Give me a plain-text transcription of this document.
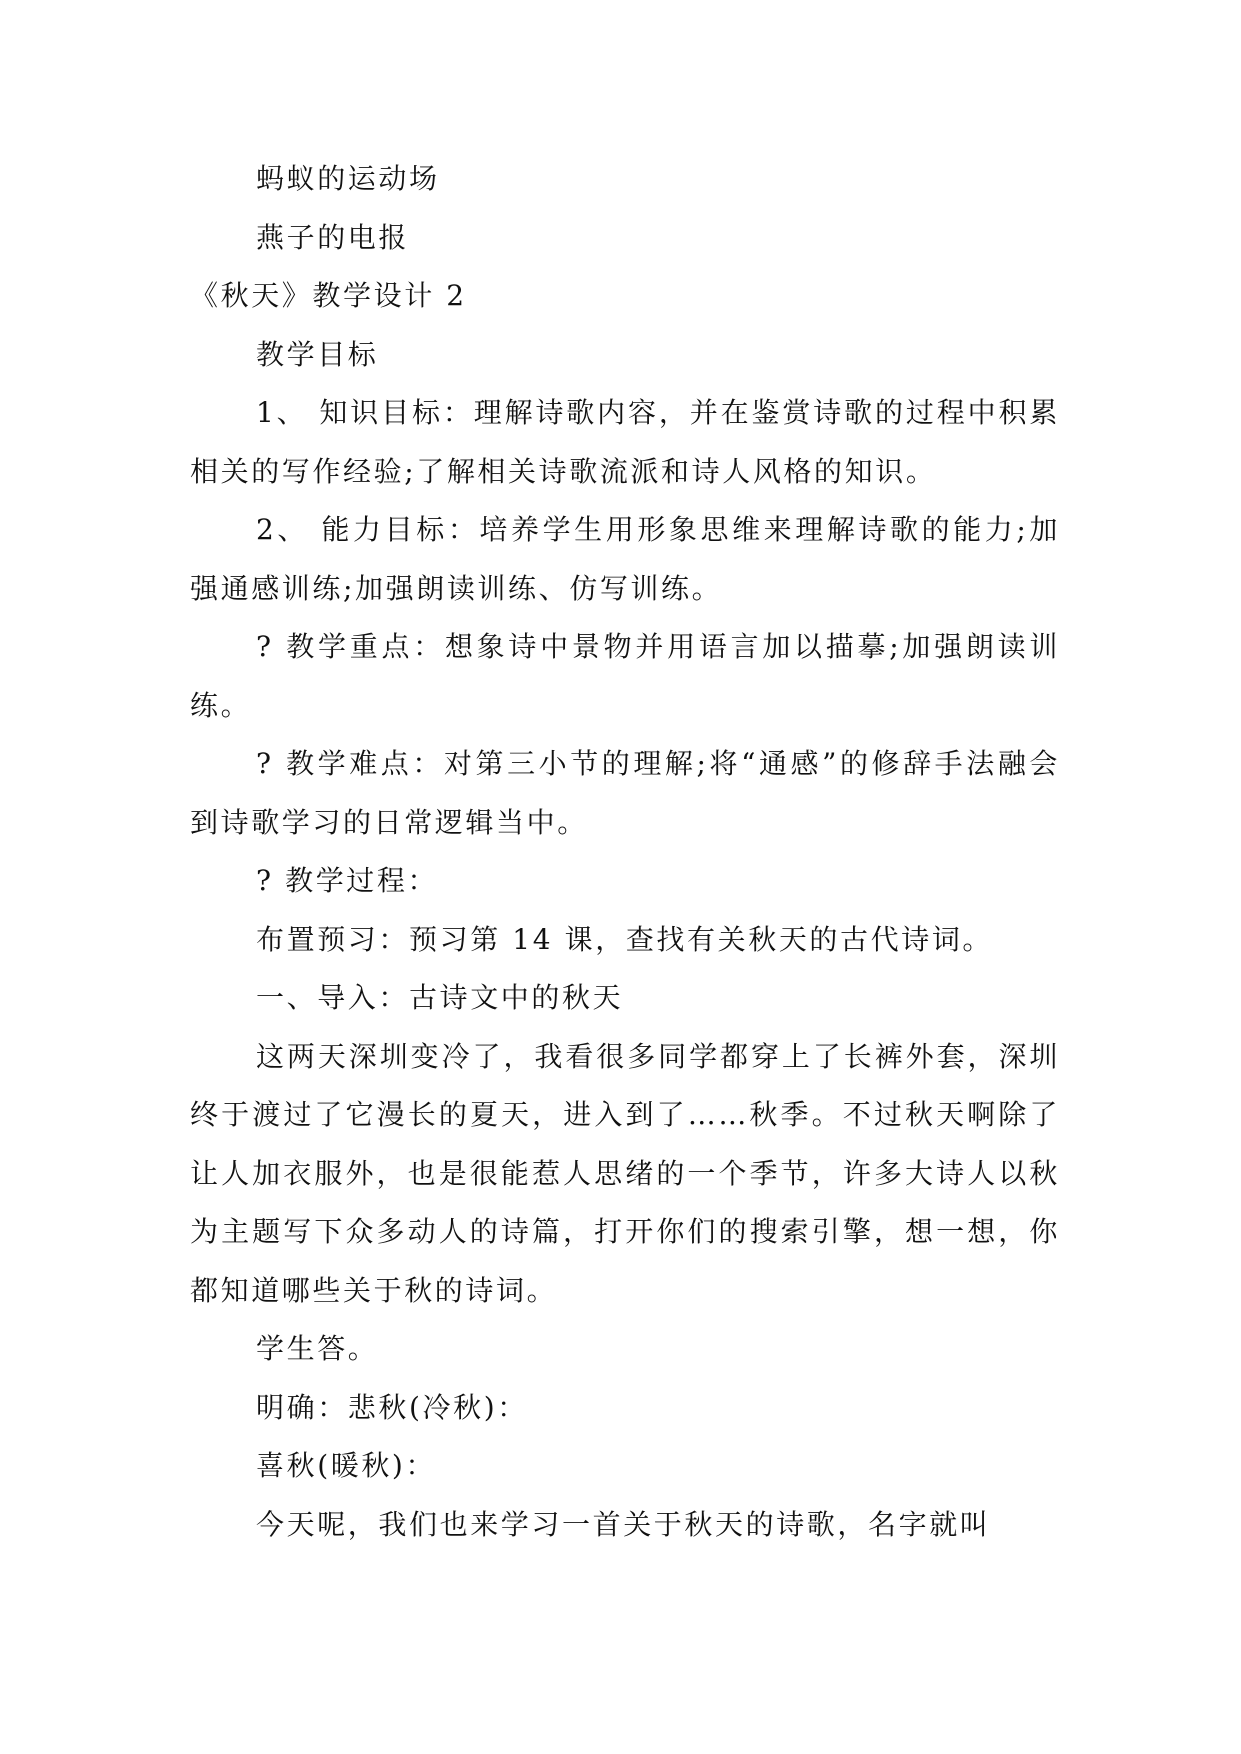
蚂蚁的运动场

燕子的电报

《秋天》教学设计 2

教学目标

1、 知识目标：理解诗歌内容，并在鉴赏诗歌的过程中积累相关的写作经验;了解相关诗歌流派和诗人风格的知识。

2、 能力目标：培养学生用形象思维来理解诗歌的能力;加强通感训练;加强朗读训练、仿写训练。

? 教学重点：想象诗中景物并用语言加以描摹;加强朗读训练。

? 教学难点：对第三小节的理解;将“通感”的修辞手法融会到诗歌学习的日常逻辑当中。

? 教学过程：

布置预习：预习第 14 课，查找有关秋天的古代诗词。

一、导入：古诗文中的秋天

这两天深圳变冷了，我看很多同学都穿上了长裤外套，深圳终于渡过了它漫长的夏天，进入到了……秋季。不过秋天啊除了让人加衣服外，也是很能惹人思绪的一个季节，许多大诗人以秋为主题写下众多动人的诗篇，打开你们的搜索引擎，想一想，你都知道哪些关于秋的诗词。

学生答。

明确：悲秋(冷秋)：

喜秋(暖秋)：

今天呢，我们也来学习一首关于秋天的诗歌，名字就叫
